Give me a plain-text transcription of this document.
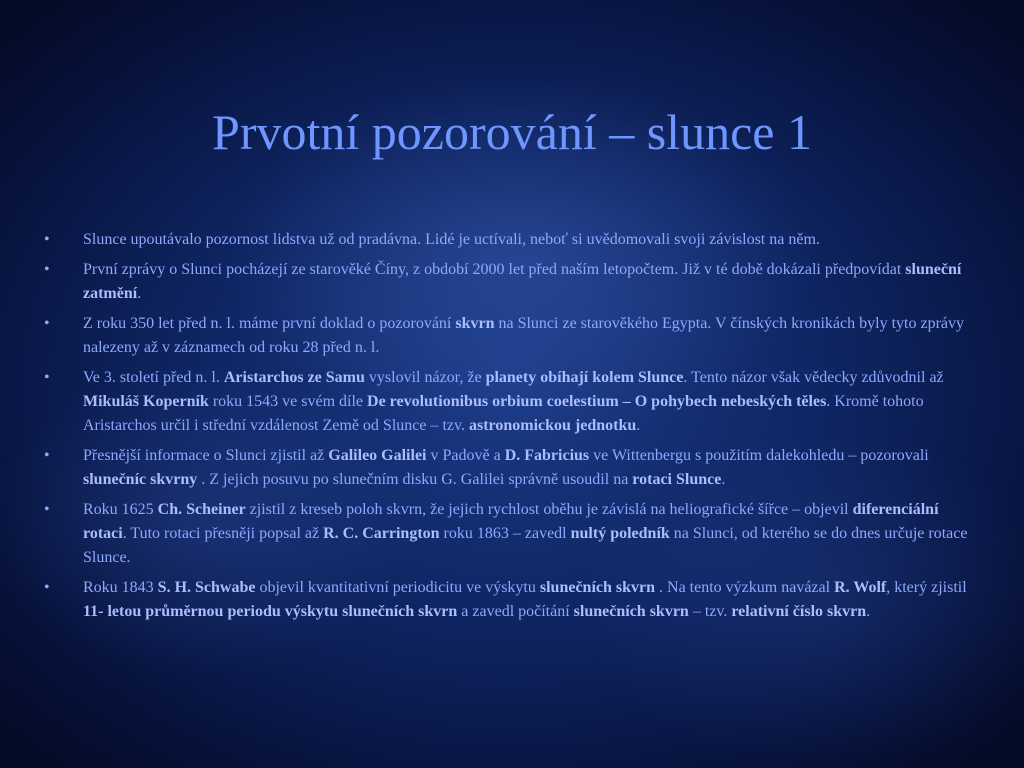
Prvotní pozorování – slunce 1
• Slunce upoutávalo pozornost lidstva už od pradávna. Lidé je uctívali, neboť si uvědomovali svoji závislost na něm.
• První zprávy o Slunci pocházejí ze starověké Číny, z období 2000 let před naším letopočtem. Již v té době dokázali předpovídat sluneční zatmění.
• Z roku 350 let před n. l. máme první doklad o pozorování skvrn na Slunci ze starověkého Egypta. V čínských kronikách byly tyto zprávy nalezeny až v záznamech od roku 28 před n. l.
• Ve 3. století před n. l. Aristarchos ze Samu vyslovil názor, že planety obíhají kolem Slunce. Tento názor však vědecky zdůvodnil až Mikuláš Koperník roku 1543 ve svém díle De revolutionibus orbium coelestium – O pohybech nebeských těles. Kromě tohoto Aristarchos určil i střední vzdálenost Země od Slunce – tzv. astronomickou jednotku.
• Přesnější informace o Slunci zjistil až Galileo Galilei v Padově a D. Fabricius ve Wittenbergu s použitím dalekohledu – pozorovali slunečníc skvrny . Z jejich posuvu po slunečním disku G. Galilei správně usoudil na rotaci Slunce.
• Roku 1625 Ch. Scheiner zjistil z kreseb poloh skvrn, že jejich rychlost oběhu je závislá na heliografické šířce – objevil diferenciální rotaci. Tuto rotaci přesněji popsal až R. C. Carrington roku 1863 – zavedl nultý poledník na Slunci, od kterého se do dnes určuje rotace Slunce.
• Roku 1843 S. H. Schwabe objevil kvantitativní periodicitu ve výskytu slunečních skvrn . Na tento výzkum navázal R. Wolf, který zjistil 11- letou průměrnou periodu výskytu slunečních skvrn a zavedl počítání slunečních skvrn – tzv. relativní číslo skvrn.
